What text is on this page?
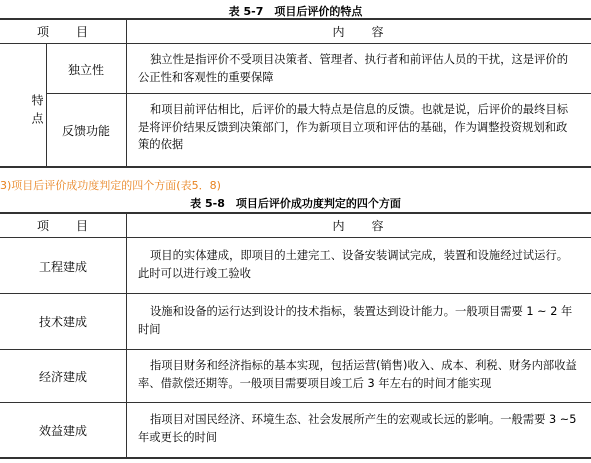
表 5-7　项目后评价的特点
项　　目	内　　容
特点
独立性
独立性是指评价不受项目决策者、管理者、执行者和前评估人员的干扰，这是评价的公正性和客观性的重要保障
反馈功能
和项目前评估相比，后评价的最大特点是信息的反馈。也就是说，后评价的最终目标是将评价结果反馈到决策部门，作为新项目立项和评估的基础，作为调整投资规划和政策的依据
3)项目后评价成功度判定的四个方面(表5．8)
表 5-8　项目后评价成功度判定的四个方面
项　　目	内　　容
工程建成
项目的实体建成，即项目的土建完工、设备安装调试完成，装置和设施经过试运行。此时可以进行竣工验收
技术建成
设施和设备的运行达到设计的技术指标，装置达到设计能力。一般项目需要 1 ~ 2 年时间
经济建成
指项目财务和经济指标的基本实现，包括运营(销售)收入、成本、利税、财务内部收益率、借款偿还期等。一般项目需要项目竣工后 3 年左右的时间才能实现
效益建成
指项目对国民经济、环境生态、社会发展所产生的宏观或长远的影响。一般需要 3 ~5年或更长的时间
